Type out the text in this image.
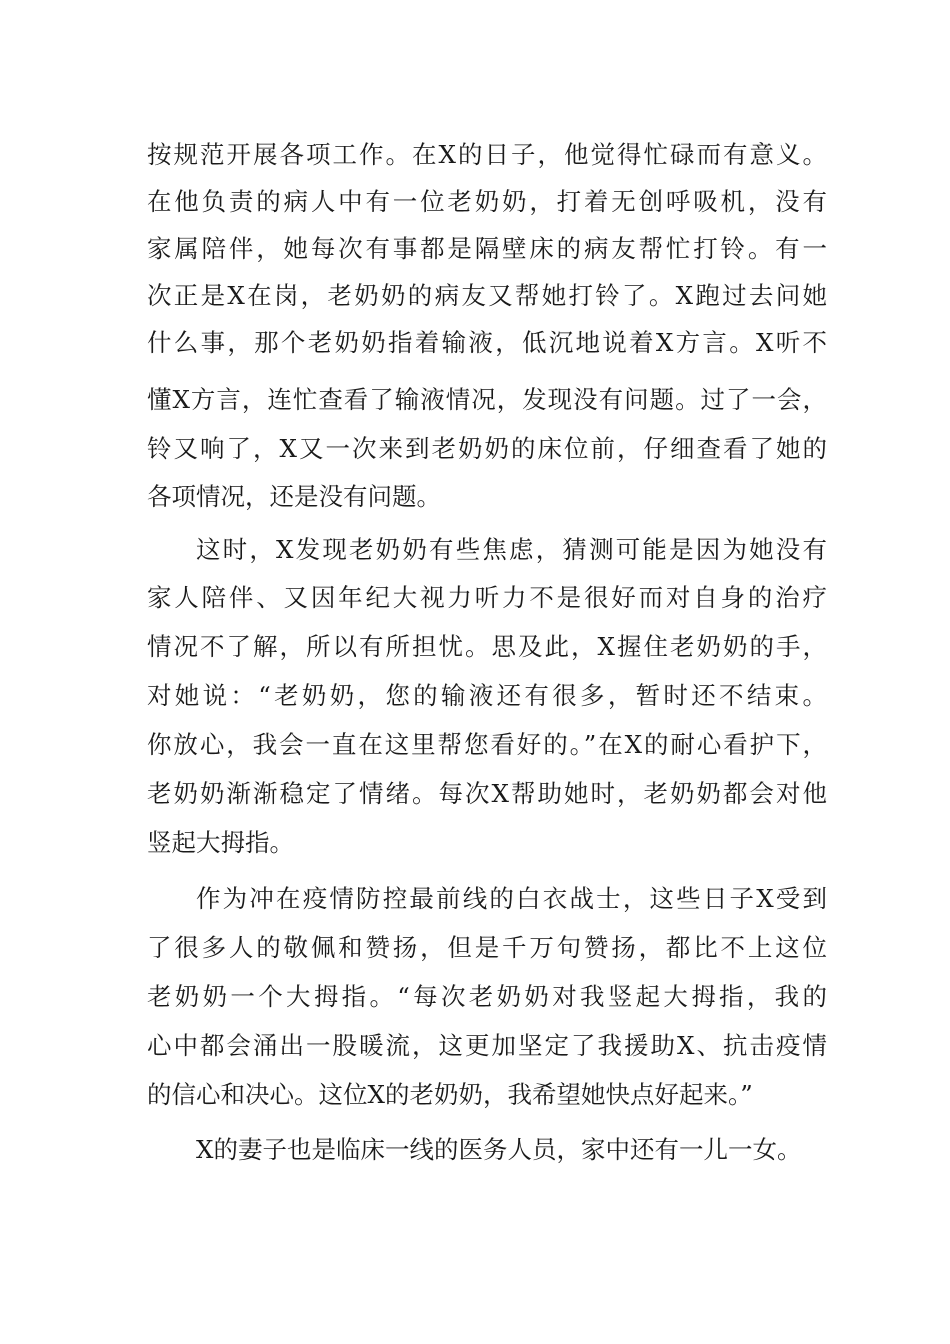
按规范开展各项工作。在X的日子，他觉得忙碌而有意义。
在他负责的病人中有一位老奶奶，打着无创呼吸机，没有
家属陪伴，她每次有事都是隔壁床的病友帮忙打铃。有一
次正是X在岗，老奶奶的病友又帮她打铃了。X跑过去问她
什么事，那个老奶奶指着输液，低沉地说着X方言。X听不
懂X方言，连忙查看了输液情况，发现没有问题。过了一会，
铃又响了，X又一次来到老奶奶的床位前，仔细查看了她的
各项情况，还是没有问题。
这时，X发现老奶奶有些焦虑，猜测可能是因为她没有
家人陪伴、又因年纪大视力听力不是很好而对自身的治疗
情况不了解，所以有所担忧。思及此，X握住老奶奶的手，
对她说：“老奶奶，您的输液还有很多，暂时还不结束。
你放心，我会一直在这里帮您看好的。”在X的耐心看护下，
老奶奶渐渐稳定了情绪。每次X帮助她时，老奶奶都会对他
竖起大拇指。
作为冲在疫情防控最前线的白衣战士，这些日子X受到
了很多人的敬佩和赞扬，但是千万句赞扬，都比不上这位
老奶奶一个大拇指。“每次老奶奶对我竖起大拇指，我的
心中都会涌出一股暖流，这更加坚定了我援助X、抗击疫情
的信心和决心。这位X的老奶奶，我希望她快点好起来。”
X的妻子也是临床一线的医务人员，家中还有一儿一女。
